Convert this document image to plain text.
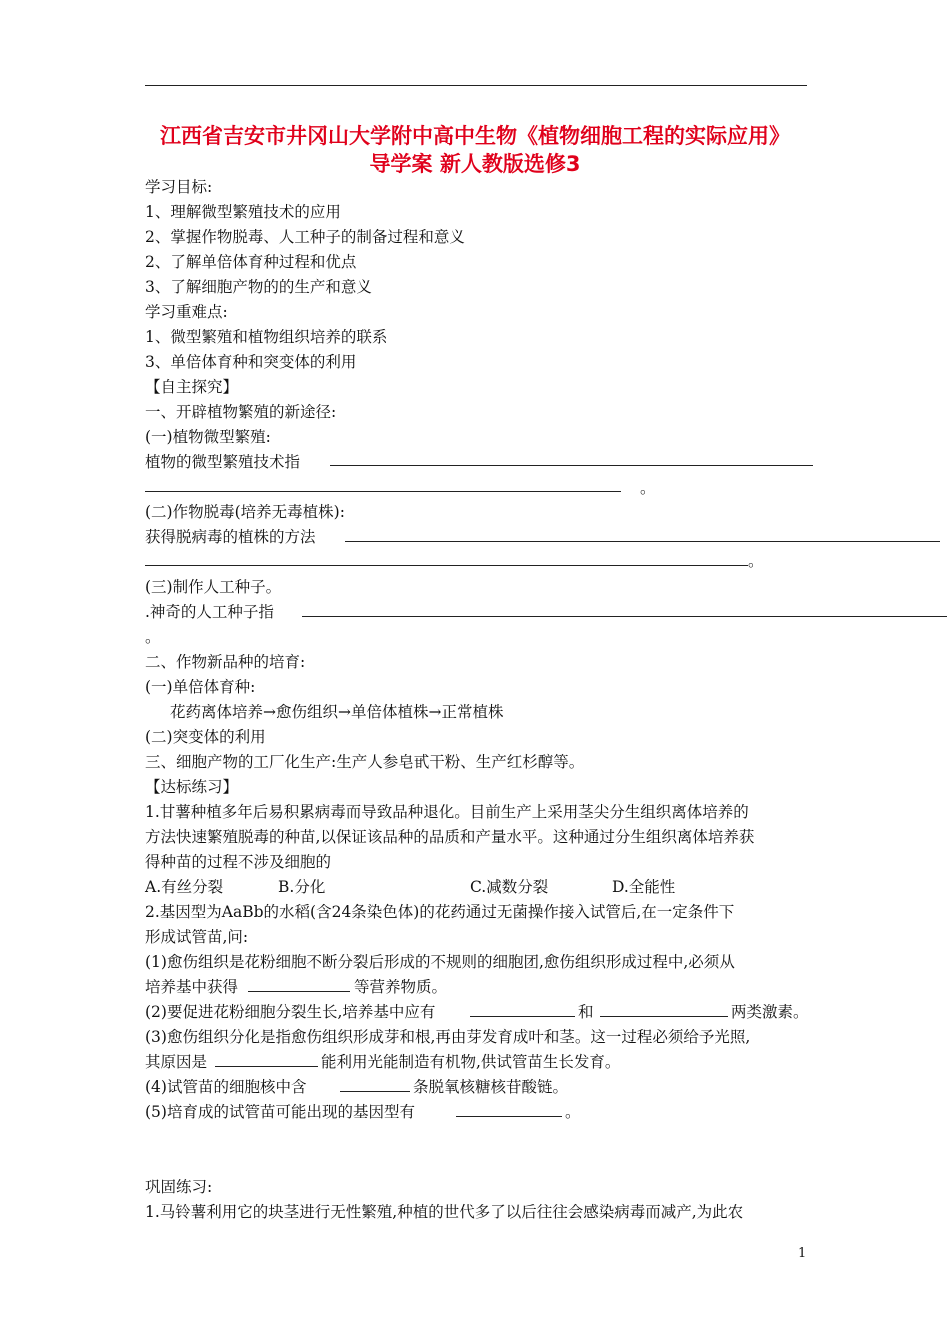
江西省吉安市井冈山大学附中高中生物《植物细胞工程的实际应用》
导学案 新人教版选修3
学习目标:
1、理解微型繁殖技术的应用
2、掌握作物脱毒、人工种子的制备过程和意义
2、了解单倍体育种过程和优点
3、了解细胞产物的的生产和意义
学习重难点:
1、微型繁殖和植物组织培养的联系
3、单倍体育种和突变体的利用
【自主探究】
一、开辟植物繁殖的新途径:
(一)植物微型繁殖:
植物的微型繁殖技术指
。
(二)作物脱毒(培养无毒植株):
获得脱病毒的植株的方法
。
(三)制作人工种子。
.神奇的人工种子指
。
二、作物新品种的培育:
(一)单倍体育种:
花药离体培养→愈伤组织→单倍体植株→正常植株
(二)突变体的利用
三、细胞产物的工厂化生产:生产人参皂甙干粉、生产红杉醇等。
【达标练习】
1.甘薯种植多年后易积累病毒而导致品种退化。目前生产上采用茎尖分生组织离体培养的
方法快速繁殖脱毒的种苗,以保证该品种的品质和产量水平。这种通过分生组织离体培养获
得种苗的过程不涉及细胞的
A.有丝分裂	B.分化	C.减数分裂	D.全能性
2.基因型为AaBb的水稻(含24条染色体)的花药通过无菌操作接入试管后,在一定条件下
形成试管苗,问:
(1)愈伤组织是花粉细胞不断分裂后形成的不规则的细胞团,愈伤组织形成过程中,必须从
培养基中获得	等营养物质。
(2)要促进花粉细胞分裂生长,培养基中应有	和	两类激素。
(3)愈伤组织分化是指愈伤组织形成芽和根,再由芽发育成叶和茎。这一过程必须给予光照,
其原因是	能利用光能制造有机物,供试管苗生长发育。
(4)试管苗的细胞核中含	条脱氧核糖核苷酸链。
(5)培育成的试管苗可能出现的基因型有	。
巩固练习:
1.马铃薯利用它的块茎进行无性繁殖,种植的世代多了以后往往会感染病毒而减产,为此农
1
